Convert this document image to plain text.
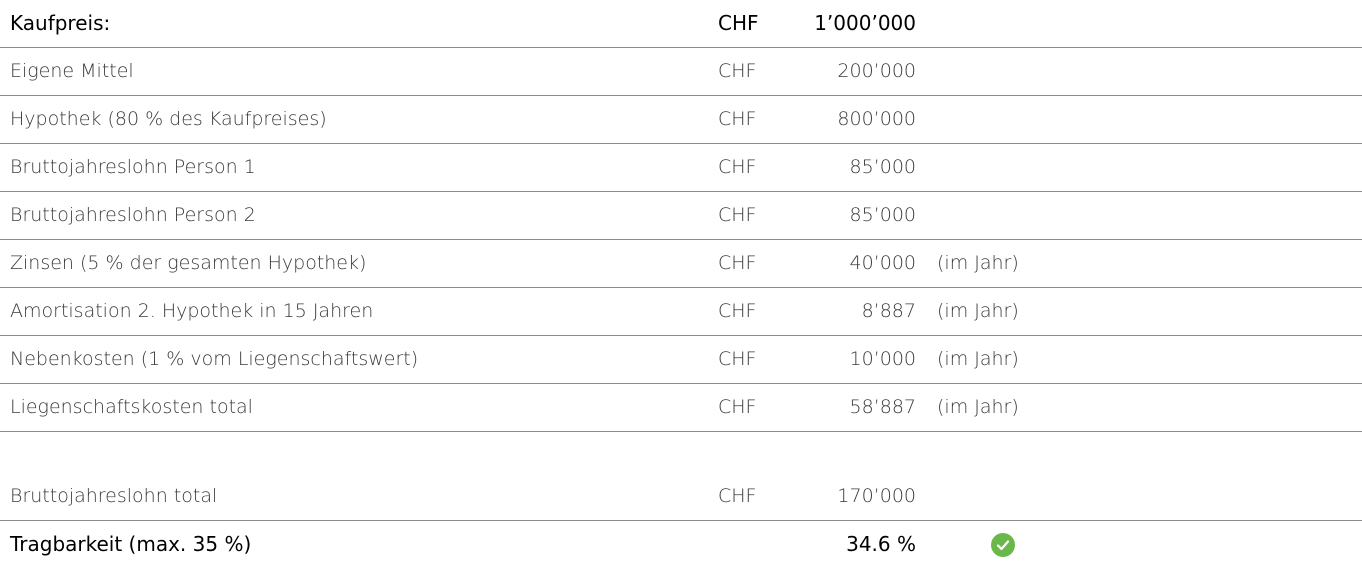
Kaufpreis:	CHF	1’000’000
Eigene Mittel	CHF	200’000
Hypothek (80 % des Kaufpreises)	CHF	800’000
Bruttojahreslohn Person 1	CHF	85’000
Bruttojahreslohn Person 2	CHF	85’000
Zinsen (5 % der gesamten Hypothek)	CHF	40’000 (im Jahr)
Amortisation 2. Hypothek in 15 Jahren	CHF	8’887 (im Jahr)
Nebenkosten (1 % vom Liegenschaftswert)	CHF	10’000 (im Jahr)
Liegenschaftskosten total	CHF	58’887 (im Jahr)
Bruttojahreslohn total	CHF	170’000
Tragbarkeit (max. 35 %)	34.6 %
